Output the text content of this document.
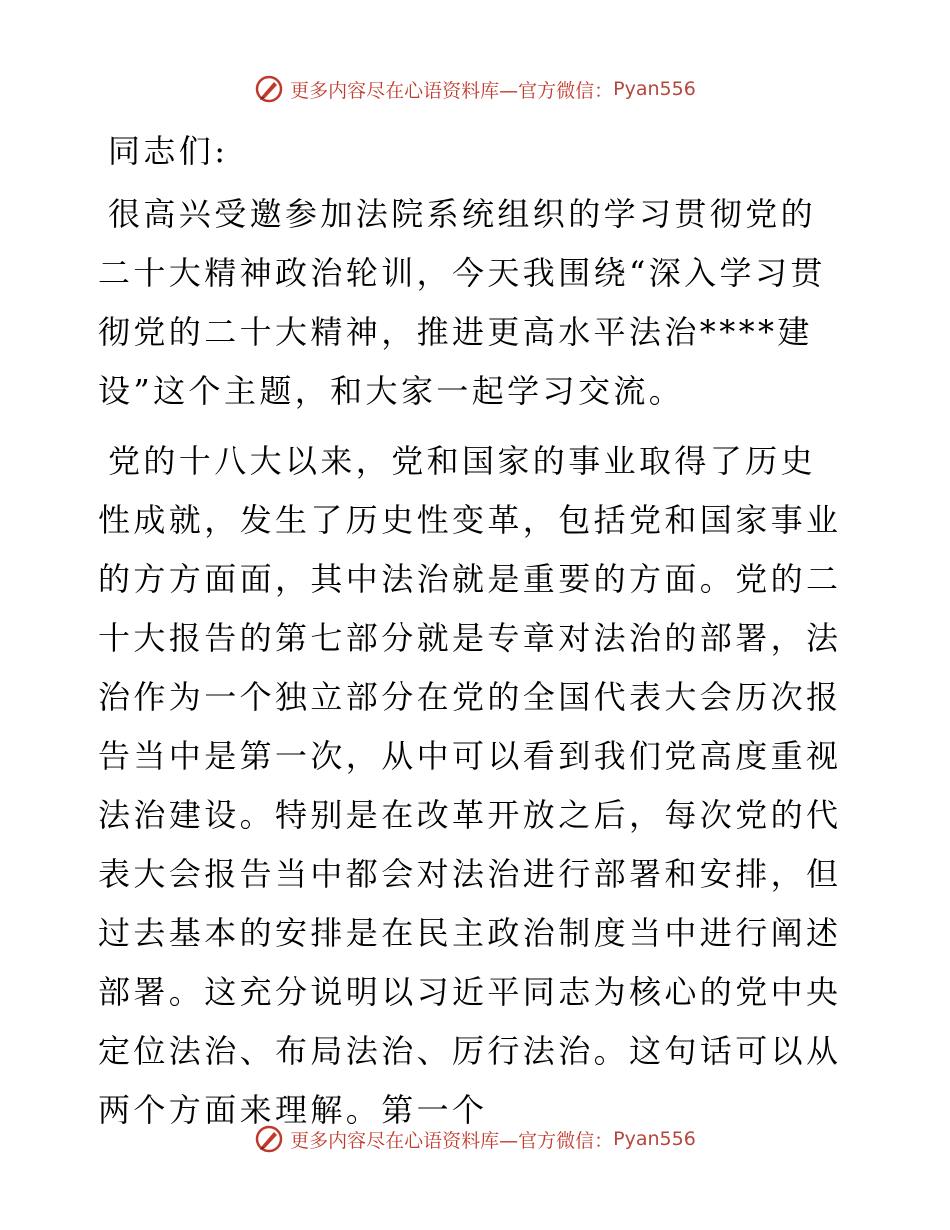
更多内容尽在心语资料库—官方微信： Pyan556

同志们:

很高兴受邀参加法院系统组织的学习贯彻党的二十大精神政治轮训，今天我围绕“深入学习贯彻党的二十大精神，推进更高水平法治****建设”这个主题，和大家一起学习交流。

党的十八大以来，党和国家的事业取得了历史性成就，发生了历史性变革，包括党和国家事业的方方面面，其中法治就是重要的方面。党的二十大报告的第七部分就是专章对法治的部署，法治作为一个独立部分在党的全国代表大会历次报告当中是第一次，从中可以看到我们党高度重视法治建设。特别是在改革开放之后，每次党的代表大会报告当中都会对法治进行部署和安排，但过去基本的安排是在民主政治制度当中进行阐述部署。这充分说明以习近平同志为核心的党中央定位法治、布局法治、厉行法治。这句话可以从两个方面来理解。第一个

更多内容尽在心语资料库—官方微信： Pyan556
